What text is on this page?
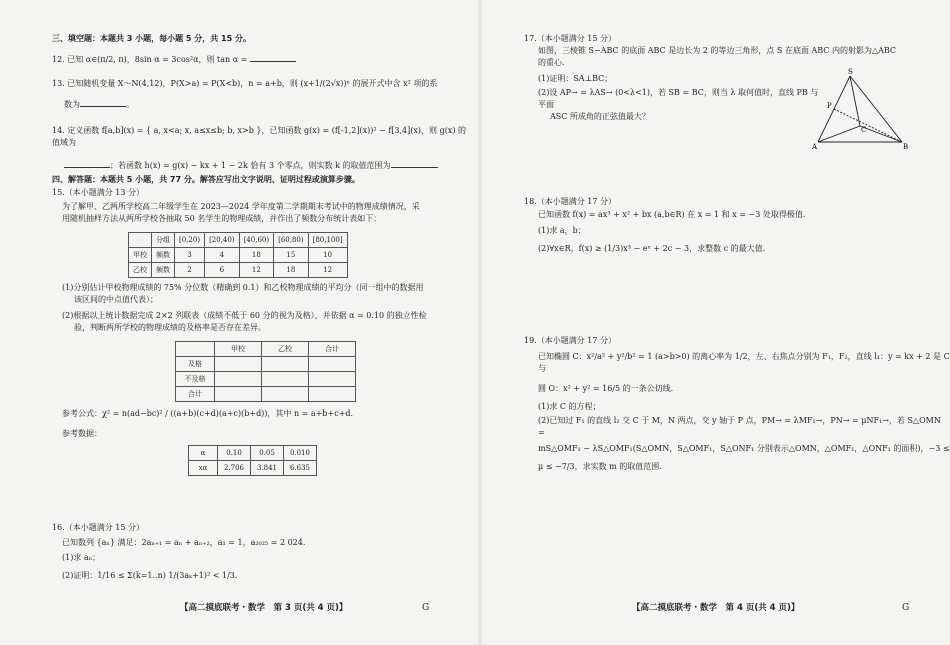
三、填空题：本题共 3 小题，每小题 5 分，共 15 分。
12. 已知 α∈(π/2, π)，8sin α = 3cos²α，则 tan α =
13. 已知随机变量 X～N(4,12)，P(X>a) = P(X<b)，n = a+b，则 (x+1/(2√x))ⁿ 的展开式中含 x² 项的系
数为	。
14. 定义函数 f[a,b](x) = { a, x<a; x, a≤x≤b; b, x>b }，已知函数 g(x) = (f[-1,2](x))² − f[3,4](x)，则 g(x) 的值域为
；若函数 h(x) = g(x) − kx + 1 − 2k 恰有 3 个零点，则实数 k 的取值范围为	.
四、解答题：本题共 5 小题，共 77 分。解答应写出文字说明、证明过程或演算步骤。
15.（本小题满分 13 分）
为了解甲、乙两所学校高二年级学生在 2023—2024 学年度第二学期期末考试中的物理成绩情况，采
用随机抽样方法从两所学校各抽取 50 名学生的物理成绩，并作出了频数分布统计表如下：
	分组	[0,20)	[20,40)	[40,60)	[60,80)	[80,100]
甲校	频数	3	4	18	15	10
乙校	频数	2	6	12	18	12
(1)分别估计甲校物理成绩的 75% 分位数（精确到 0.1）和乙校物理成绩的平均分（同一组中的数据用
该区间的中点值代表）；
(2)根据以上统计数据完成 2×2 列联表（成绩不低于 60 分的视为及格），并依据 α = 0.10 的独立性检
验，判断两所学校的物理成绩的及格率是否存在差异。
	甲校	乙校	合计
及格			
不及格			
合计			
参考公式：χ² = n(ad−bc)² / ((a+b)(c+d)(a+c)(b+d))，其中 n = a+b+c+d.
参考数据：
α	0.10	0.05	0.010
xα	2.706	3.841	6.635
16.（本小题满分 15 分）
已知数列 {aₙ} 满足：2aₙ₊₁ = aₙ + aₙ₊₂，a₁ = 1，a₂₀₂₅ = 2 024.
(1)求 aₙ；
(2)证明：1/16 ≤ Σ(k=1..n) 1/(3aₖ+1)² < 1/3.
【高二摸底联考・数学　第 3 页(共 4 页)】	G
17.（本小题满分 15 分）
如图，三棱锥 S−ABC 的底面 ABC 是边长为 2 的等边三角形，点 S 在底面 ABC 内的射影为△ABC
的重心.
(1)证明：SA⊥BC；
(2)设 AP→ = λAS→ (0<λ<1)，若 SB = BC，则当 λ 取何值时，直线 PB 与平面
ASC 所成角的正弦值最大？
S
A	B
C
P
18.（本小题满分 17 分）
已知函数 f(x) = ax³ + x² + bx (a,b∈R) 在 x = 1 和 x = −3 处取得极值.
(1)求 a，b；
(2)∀x∈R，f(x) ≥ (1/3)x³ − eˣ + 2c − 3，求整数 c 的最大值.
19.（本小题满分 17 分）
已知椭圆 C：x²/a² + y²/b² = 1 (a>b>0) 的离心率为 1/2，左、右焦点分别为 F₁，F₂，直线 l₁：y = kx + 2 是 C 与
圆 O：x² + y² = 16/5 的一条公切线.
(1)求 C 的方程；
(2)已知过 F₁ 的直线 l₂ 交 C 于 M，N 两点，交 y 轴于 P 点，PM→ = λMF₁→，PN→ = μNF₁→，若 S△OMN =
mS△OMF₁ − λS△OMF₁(S△OMN，S△OMF₁，S△ONF₁ 分别表示△OMN，△OMF₁，△ONF₁ 的面积)，−3 ≤
μ ≤ −7/3，求实数 m 的取值范围.
【高二摸底联考・数学　第 4 页(共 4 页)】	G
